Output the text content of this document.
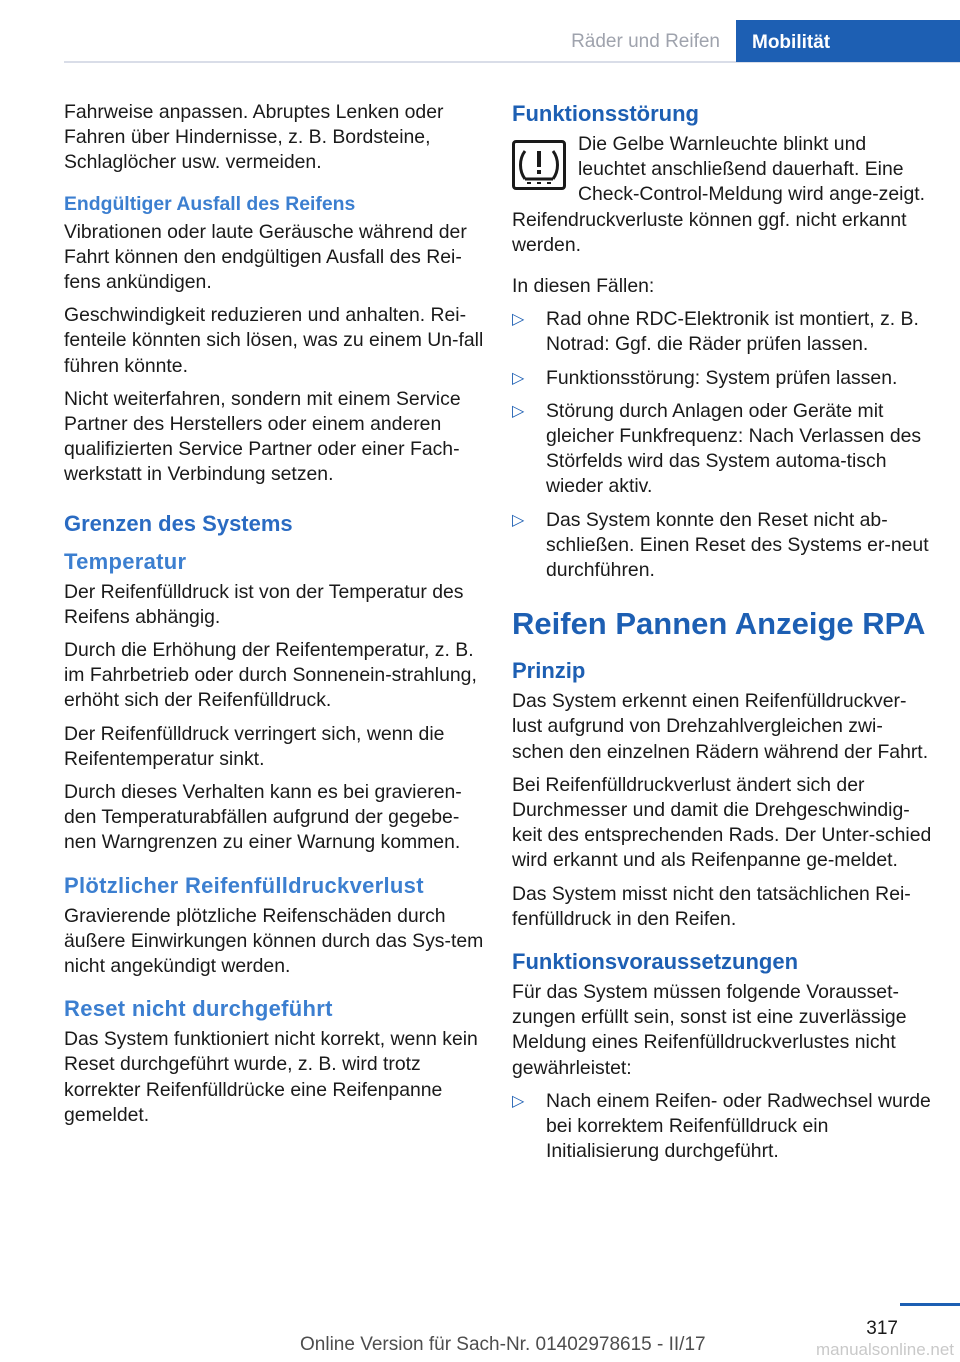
Räder und Reifen	Mobilität

Fahrweise anpassen. Abruptes Lenken oder Fahren über Hindernisse, z. B. Bordsteine, Schlaglöcher usw. vermeiden.

Endgültiger Ausfall des Reifens

Vibrationen oder laute Geräusche während der Fahrt können den endgültigen Ausfall des Rei‐fens ankündigen.

Geschwindigkeit reduzieren und anhalten. Rei‐fenteile könnten sich lösen, was zu einem Un‐fall führen könnte.

Nicht weiterfahren, sondern mit einem Service Partner des Herstellers oder einem anderen qualifizierten Service Partner oder einer Fach‐werkstatt in Verbindung setzen.

Grenzen des Systems
Temperatur

Der Reifenfülldruck ist von der Temperatur des Reifens abhängig.

Durch die Erhöhung der Reifentemperatur, z. B. im Fahrbetrieb oder durch Sonnenein‐strahlung, erhöht sich der Reifenfülldruck.

Der Reifenfülldruck verringert sich, wenn die Reifentemperatur sinkt.

Durch dieses Verhalten kann es bei gravieren‐den Temperaturabfällen aufgrund der gegebe‐nen Warngrenzen zu einer Warnung kommen.

Plötzlicher Reifenfülldruckverlust

Gravierende plötzliche Reifenschäden durch äußere Einwirkungen können durch das Sys‐tem nicht angekündigt werden.

Reset nicht durchgeführt

Das System funktioniert nicht korrekt, wenn kein Reset durchgeführt wurde, z. B. wird trotz korrekter Reifenfülldrücke eine Reifenpanne gemeldet.

Funktionsstörung

Die Gelbe Warnleuchte blinkt und leuchtet anschließend dauerhaft. Eine Check-Control-Meldung wird ange‐zeigt. Reifendruckverluste können ggf. nicht erkannt werden.

In diesen Fällen:

▷ Rad ohne RDC-Elektronik ist montiert, z. B. Notrad: Ggf. die Räder prüfen lassen.
▷ Funktionsstörung: System prüfen lassen.
▷ Störung durch Anlagen oder Geräte mit gleicher Funkfrequenz: Nach Verlassen des Störfelds wird das System automa‐tisch wieder aktiv.
▷ Das System konnte den Reset nicht ab‐schließen. Einen Reset des Systems er‐neut durchführen.
Reifen Pannen Anzeige RPA
Prinzip

Das System erkennt einen Reifenfülldruckver‐lust aufgrund von Drehzahlvergleichen zwi‐schen den einzelnen Rädern während der Fahrt.

Bei Reifenfülldruckverlust ändert sich der Durchmesser und damit die Drehgeschwindig‐keit des entsprechenden Rads. Der Unter‐schied wird erkannt und als Reifenpanne ge‐meldet.

Das System misst nicht den tatsächlichen Rei‐fenfülldruck in den Reifen.

Funktionsvoraussetzungen

Für das System müssen folgende Vorausset‐zungen erfüllt sein, sonst ist eine zuverlässige Meldung eines Reifenfülldruckverlustes nicht gewährleistet:

▷ Nach einem Reifen- oder Radwechsel wurde bei korrektem Reifenfülldruck ein Initialisierung durchgeführt.
317
Online Version für Sach-Nr. 01402978615 - II/17	manualsonline.net
